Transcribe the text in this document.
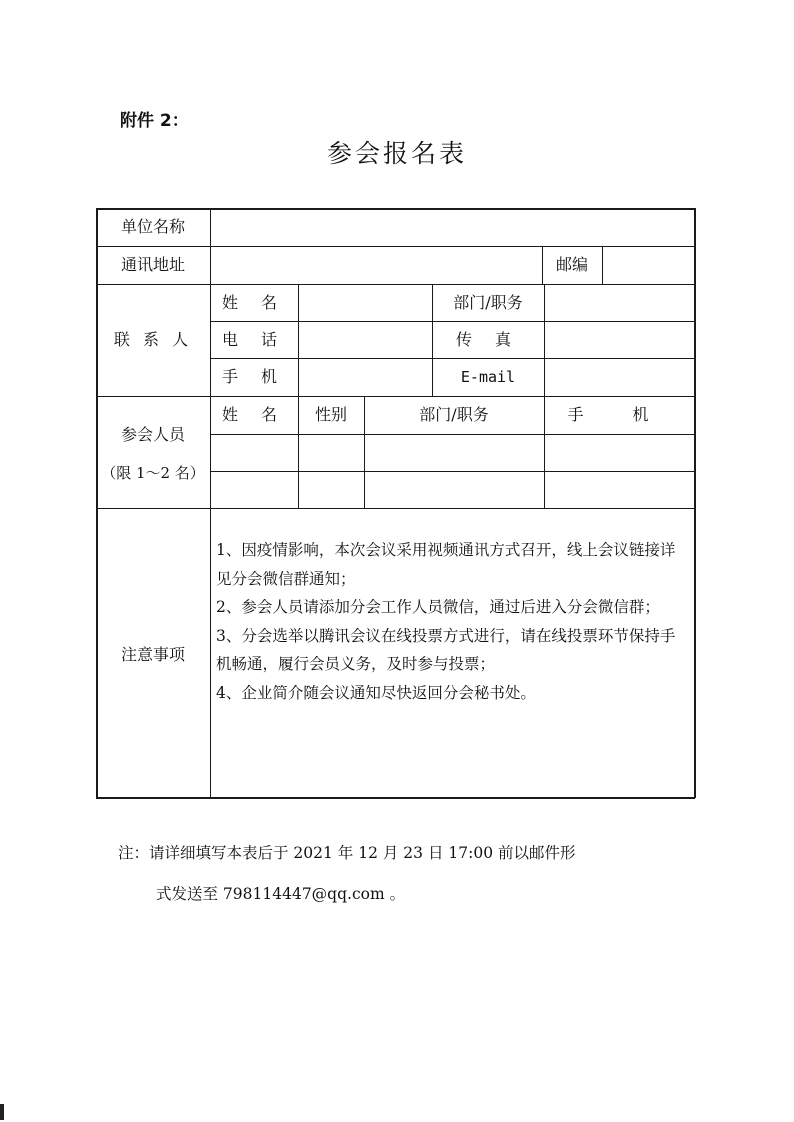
附件 2：
参会报名表
单位名称
通讯地址	邮编
联 系 人
姓 名	部门/职务
电 话	传 真
手 机	E-mail
参会人员
（限 1～2 名）
姓 名	性别	部门/职务	手 机
注意事项

1、因疫情影响，本次会议采用视频通讯方式召开，线上会议链接详见分会微信群通知；

2、参会人员请添加分会工作人员微信，通过后进入分会微信群；

3、分会选举以腾讯会议在线投票方式进行，请在线投票环节保持手机畅通，履行会员义务，及时参与投票；

4、企业简介随会议通知尽快返回分会秘书处。

注：请详细填写本表后于 2021 年 12 月 23 日 17:00 前以邮件形
式发送至 798114447@qq.com 。
